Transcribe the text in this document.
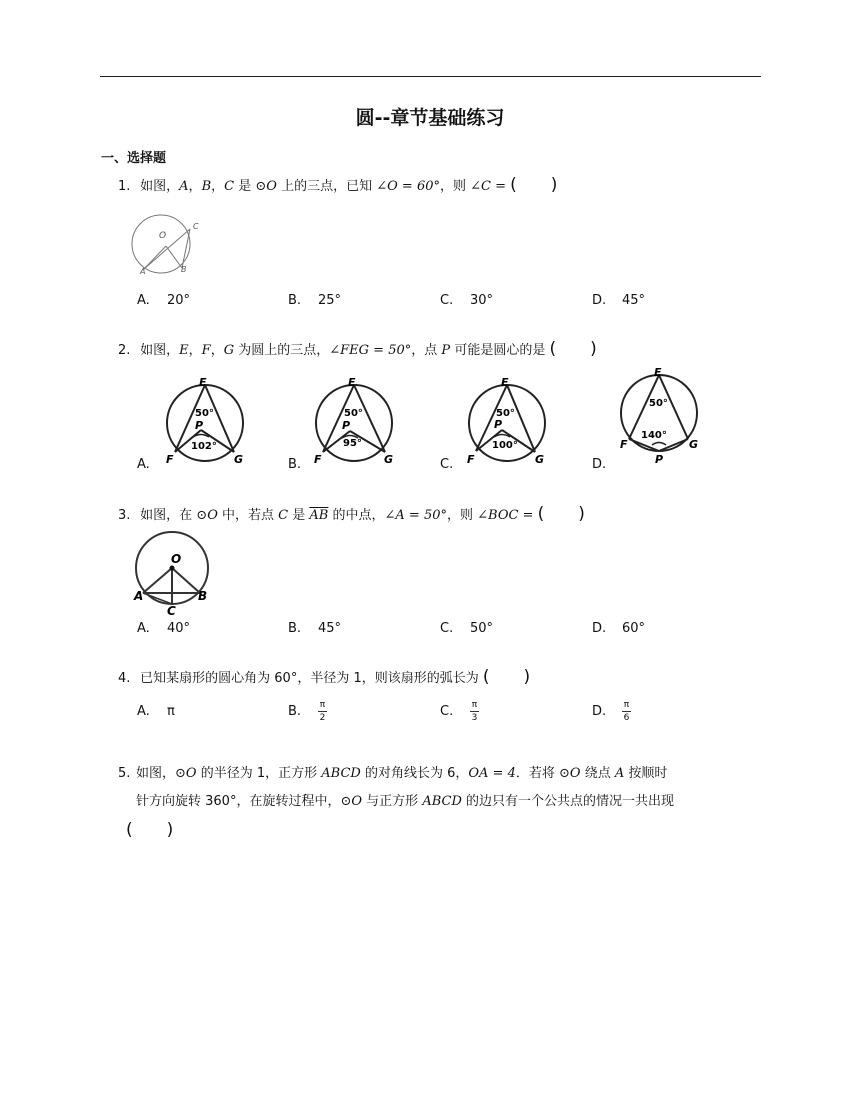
圆--章节基础练习
一、选择题
1. 如图，A，B，C 是 ⊙O 上的三点，已知 ∠O = 60°，则 ∠C = (　　)
O
A	B
C
A. 20°	B. 25°	C. 30°	D. 45°
2. 如图，E，F，G 为圆上的三点，∠FEG = 50°，点 P 可能是圆心的是 (　　)
A.
E
50°
P
102°
F	G	B.
E
50°
P
95°
F	G	C.
E
50°
P
100°
F	G	D.
E
50°
140°
F	G
P
3. 如图，在 ⊙O 中，若点 C 是 $\overline{AB}$ 的中点，∠A = 50°，则 ∠BOC = (　　)
O
A	B
C
A. 40°	B. 45°	C. 50°	D. 60°
4. 已知某扇形的圆心角为 60°，半径为 1，则该扇形的弧长为 (　　)
A. π	B. $\frac{\pi}{2}$	C. $\frac{\pi}{3}$	D. $\frac{\pi}{6}$
5. 如图，⊙O 的半径为 1，正方形 ABCD 的对角线长为 6，OA = 4．若将 ⊙O 绕点 A 按顺时
针方向旋转 360°，在旋转过程中，⊙O 与正方形 ABCD 的边只有一个公共点的情况一共出现
(　　)
